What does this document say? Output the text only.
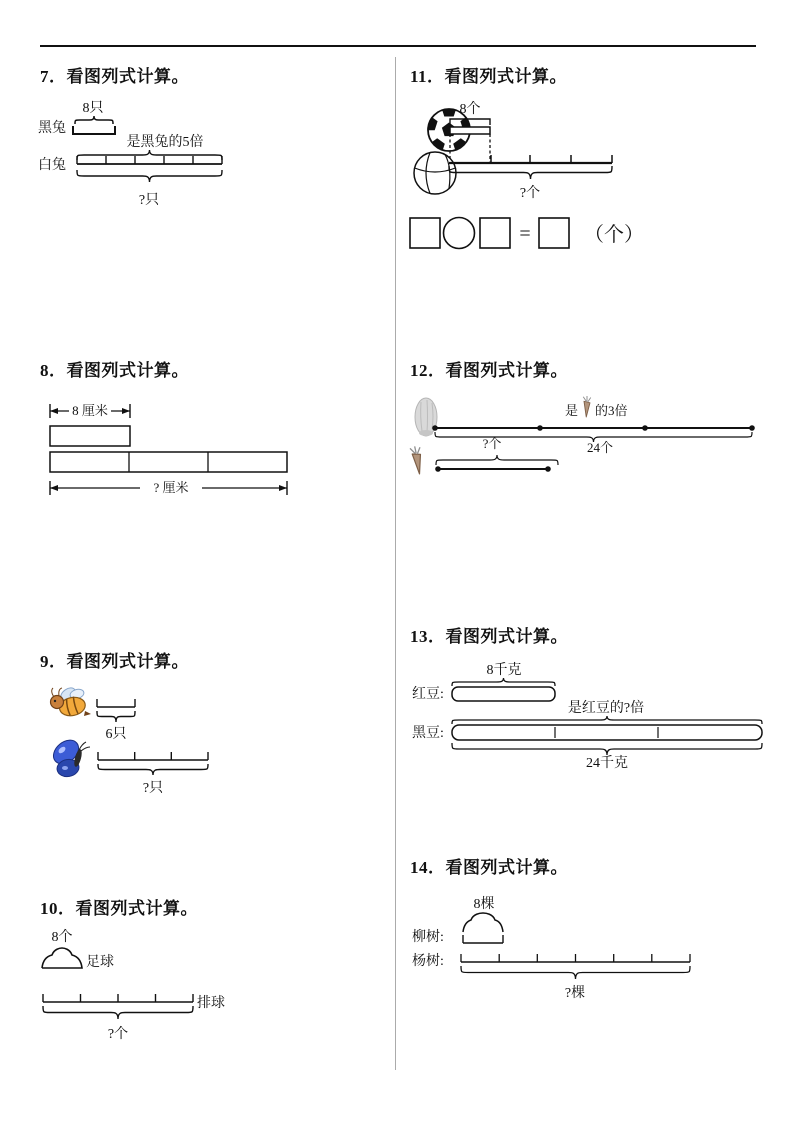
7．看图列式计算。
8只
黑兔
是黑兔的5倍
白兔
?只
8．看图列式计算。
8 厘米
? 厘米
9．看图列式计算。
6只
?只
10．看图列式计算。
8个
足球
排球
?个
11．看图列式计算。
8个
?个
=	（个）
12．看图列式计算。
是 的3倍
24个
?个
13．看图列式计算。
8千克
红豆:
是红豆的?倍
黑豆:
24千克
14．看图列式计算。
8棵
柳树:
杨树:
?棵
